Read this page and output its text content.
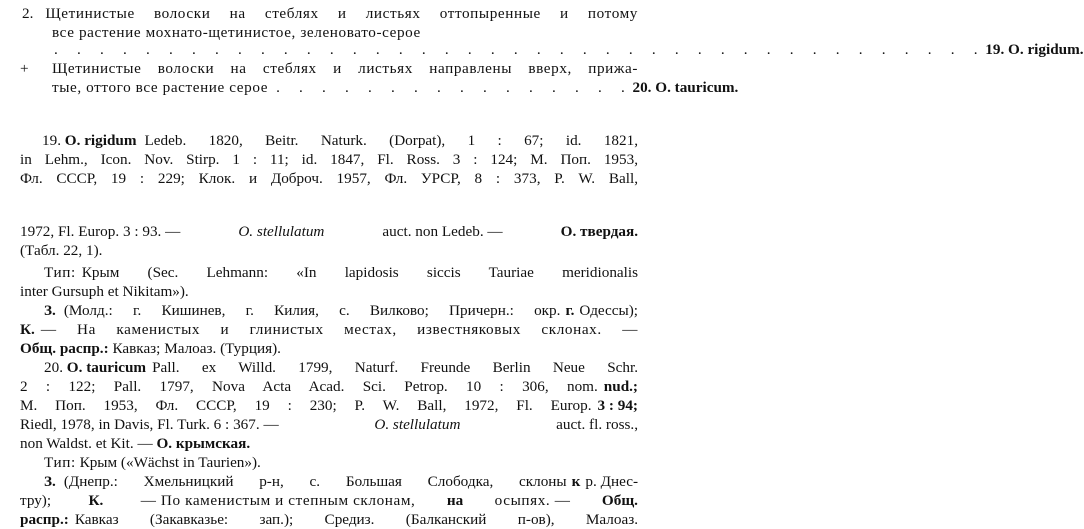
2. Щетинистые волоски на стеблях и листьях оттопыренные и потому
все растение мохнато-щетинистое, зеленовато-серое
. . . . . . . . . . . . . . . . . . . . . . . . . . . . . . . . . . . . . . . . . 19. O. rigidum.
+	Щетинистые волоски на стеблях и листьях направлены вверх, прижа-
тые, оттого все растение серое . . . . . . . . . . . . . . . . 20. O. tauricum.
19. O. rigidum Ledeb. 1820, Beitr. Naturk. (Dorpat), 1 : 67; id. 1821,
in Lehm., Icon. Nov. Stirp. 1 : 11; id. 1847, Fl. Ross. 3 : 124; М. Поп. 1953,
Фл. СССР, 19 : 229; Клок. и Доброч. 1957, Фл. УРСР, 8 : 373, P. W. Ball,
1972, Fl. Europ. 3 : 93. —	O. stellulatum	auct. non Ledeb. —	О. твердая.
(Табл. 22, 1).
Тип: Крым (Sec. Lehmann: «In lapidosis siccis Tauriae meridionalis
inter Gursuph et Nikitam»).
З. (Молд.: г. Кишинев, г. Килия, с. Вилково; Причерн.: окр. г. Одессы);
К. — На каменистых и глинистых местах, известняковых склонах. —
Общ. распр.: Кавказ; Малоаз. (Турция).
20. O. tauricum Pall. ex Willd. 1799, Naturf. Freunde Berlin Neue Schr.
2 : 122; Pall. 1797, Nova Acta Acad. Sci. Petrop. 10 : 306, nom. nud.;
М. Поп. 1953, Фл. СССР, 19 : 230; P. W. Ball, 1972, Fl. Europ. 3 : 94;
Riedl, 1978, in Davis, Fl. Turk. 6 : 367. —	O. stellulatum	auct. fl. ross.,
non Waldst. et Kit. — О. крымская.
Тип: Крым («Wächst in Taurien»).
З. (Днепр.: Хмельницкий р-н, с. Большая Слободка, склоны к р. Днес-
тру); К. — По каменистым и степным склонам, на осыпях. — Общ.
распр.: Кавказ (Закавказье: зап.); Средиз. (Балканский п-ов), Малоаз.
